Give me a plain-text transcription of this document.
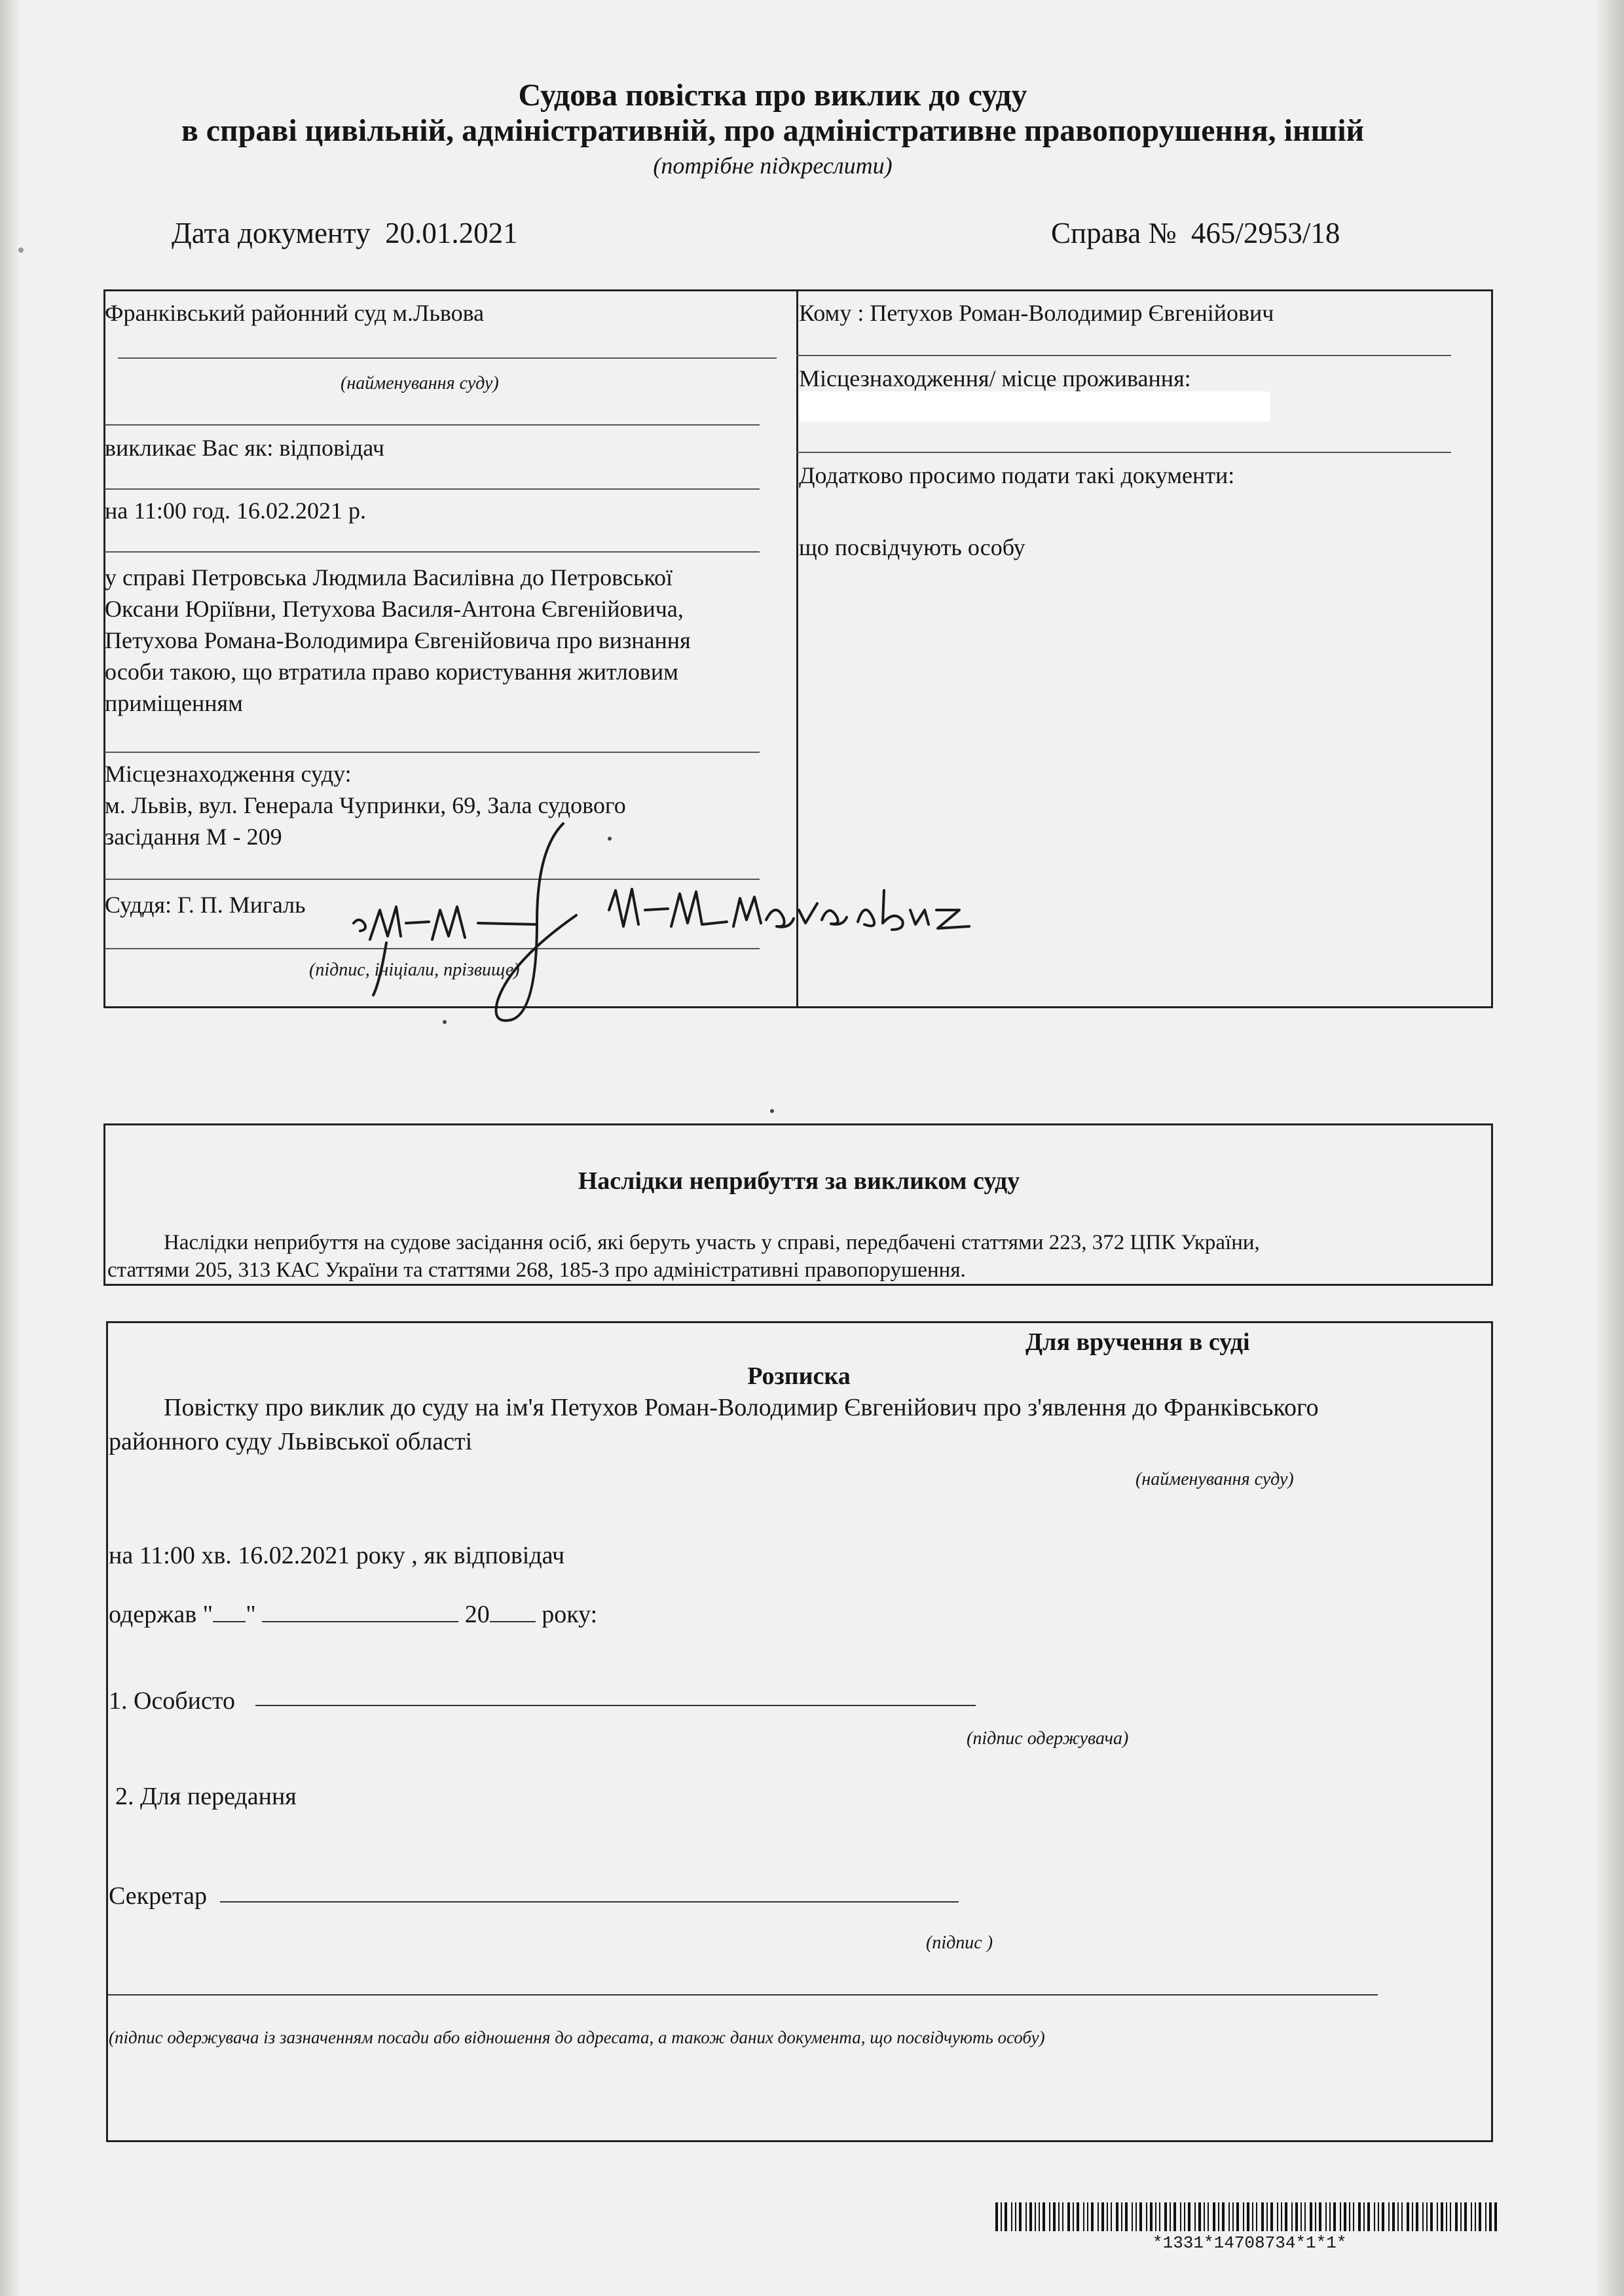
Судова повістка про виклик до суду
в справі цивільній, адміністративній, про адміністративне правопорушення, іншій
(потрібне підкреслити)
Дата документу 20.01.2021	Справа № 465/2953/18
Франківський районний суд м.Львова
(найменування суду)
викликає Вас як: відповідач
на 11:00 год. 16.02.2021 р.
у справі Петровська Людмила Василівна до Петровської
Оксани Юріївни, Петухова Василя-Антона Євгенійовича,
Петухова Романа-Володимира Євгенійовича про визнання
особи такою, що втратила право користування житловим
приміщенням
Місцезнаходження суду:
м. Львів, вул. Генерала Чупринки, 69, Зала судового
засідання М - 209
Суддя: Г. П. Мигаль
(підпис, ініціали, прізвище)
Кому : Петухов Роман-Володимир Євгенійович
Місцезнаходження/ місце проживання:
Додатково просимо подати такі документи:
що посвідчують особу
Наслідки неприбуття за викликом суду
Наслідки неприбуття на судове засідання осіб, які беруть участь у справі, передбачені статтями 223, 372 ЦПК України,
статтями 205, 313 КАС України та статтями 268, 185-3 про адміністративні правопорушення.
Для вручення в суді
Розписка
Повістку про виклик до суду на ім'я Петухов Роман-Володимир Євгенійович про з'явлення до Франківського
районного суду Львівської області
(найменування суду)
на 11:00 хв. 16.02.2021 року , як відповідач
одержав " "	20 року:
1. Особисто
(підпис одержувача)
2. Для передання
Секретар
(підпис )
(підпис одержувача із зазначенням посади або відношення до адресата, а також даних документа, що посвідчують особу)
*1331*14708734*1*1*
